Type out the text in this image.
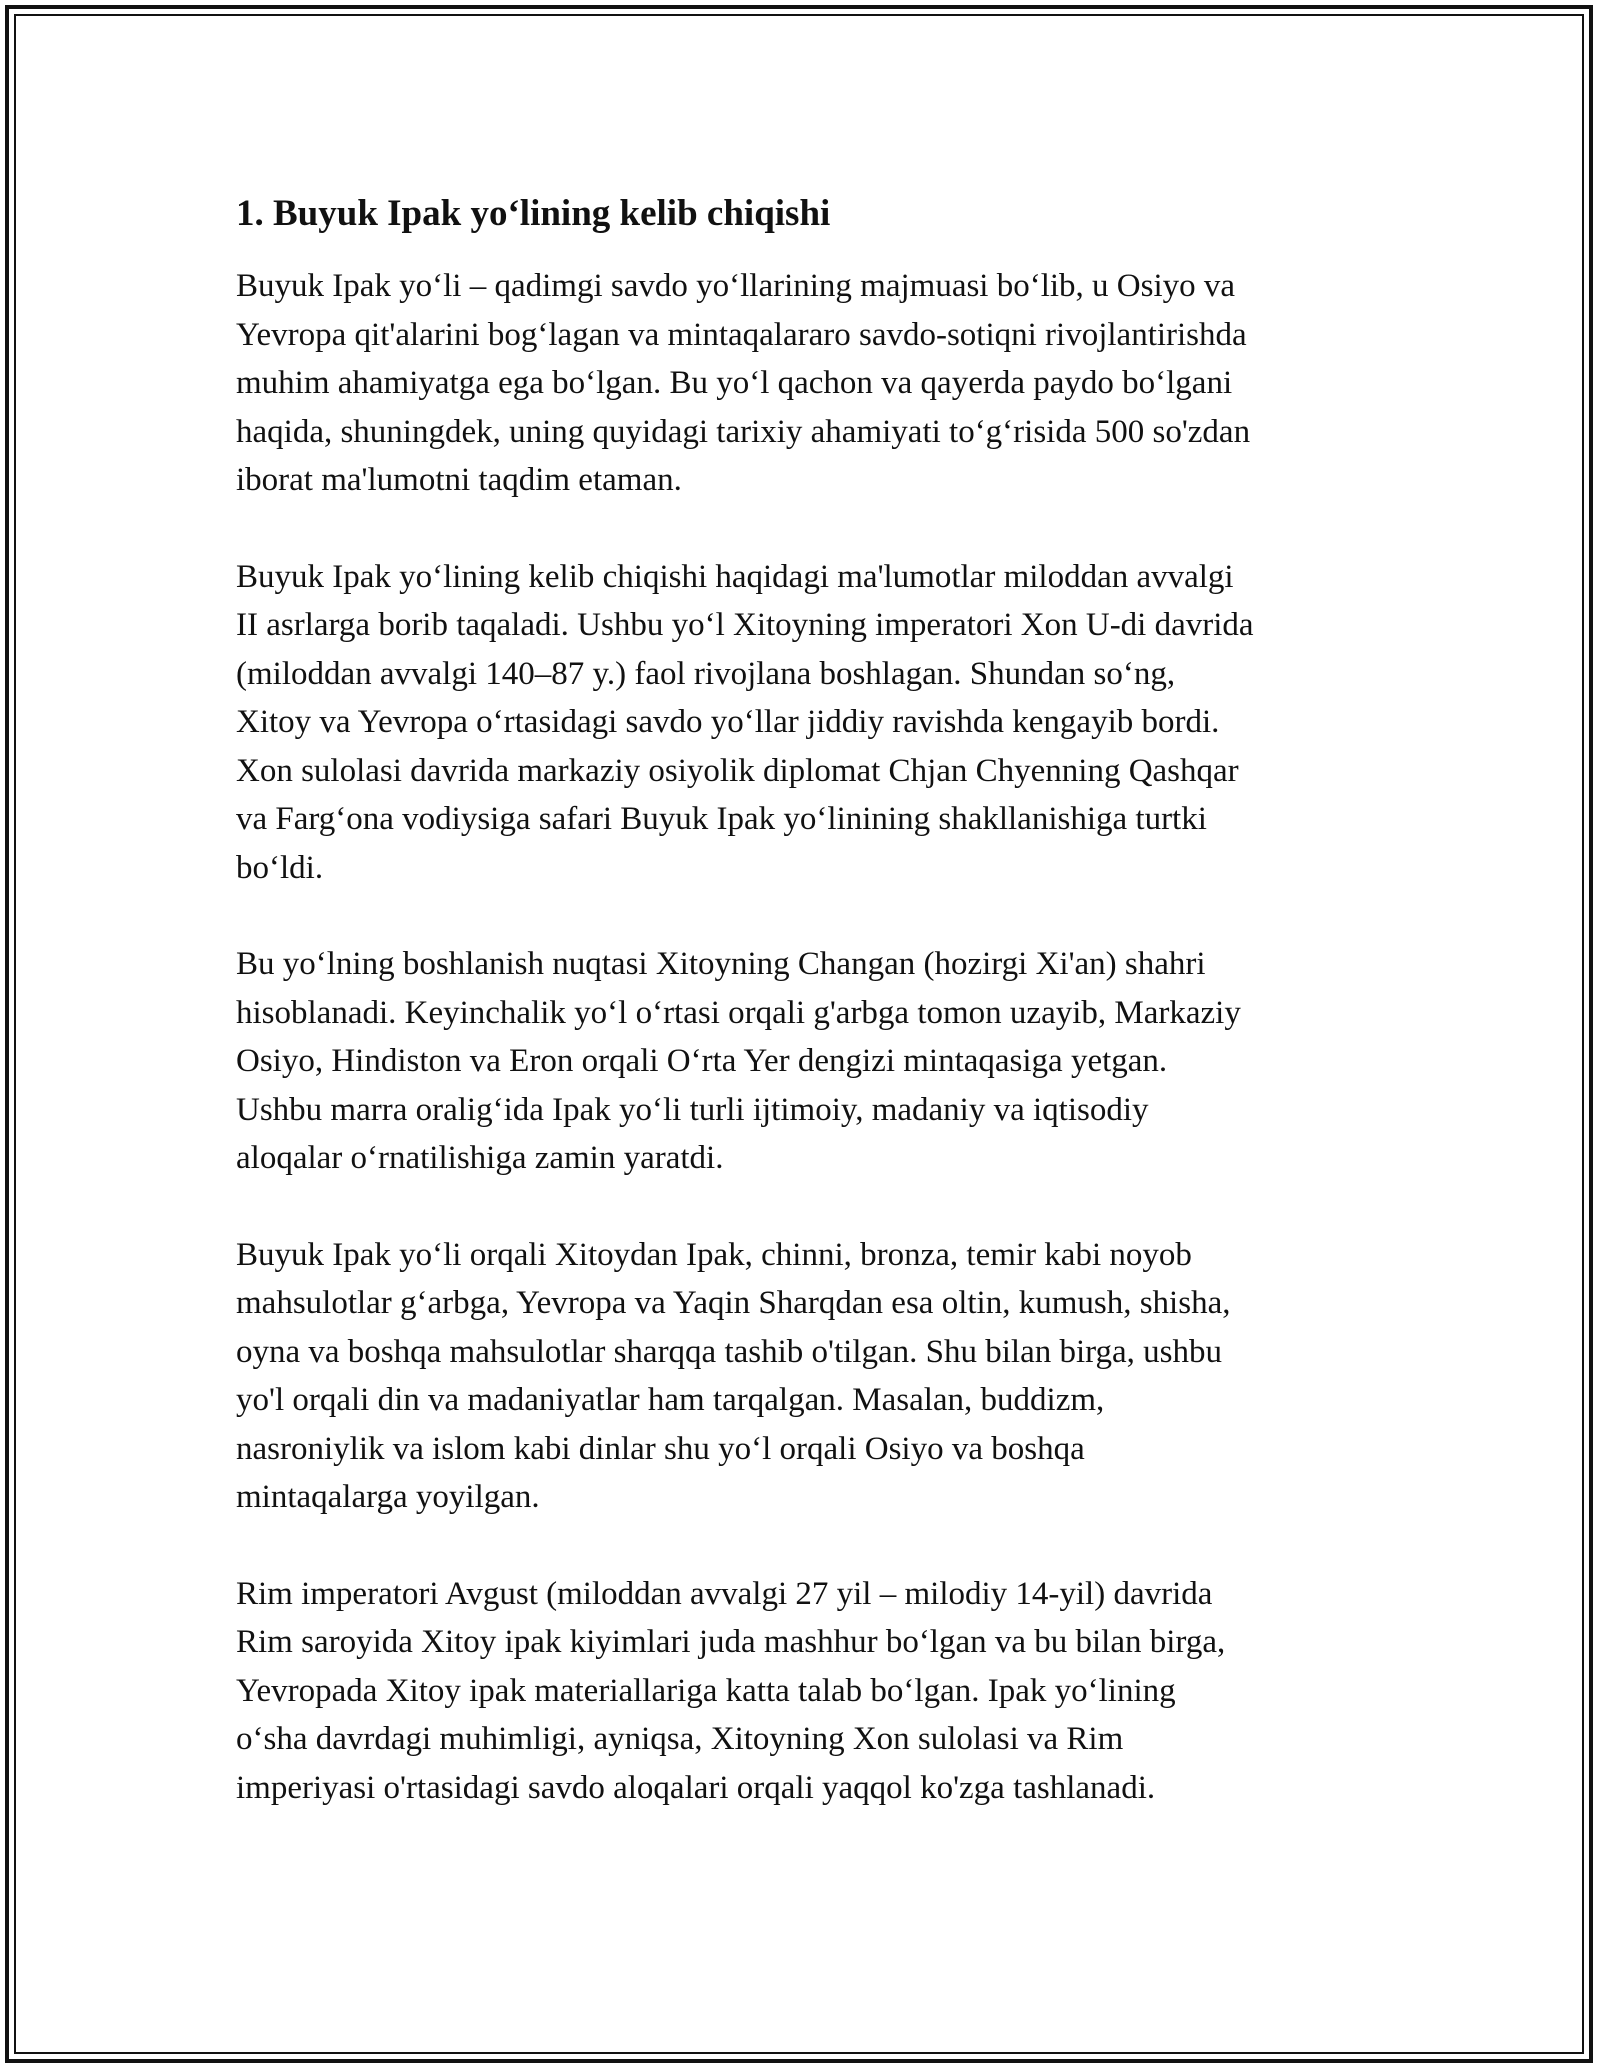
1. Buyuk Ipak yo‘lining kelib chiqishi

Buyuk Ipak yo‘li – qadimgi savdo yo‘llarining majmuasi bo‘lib, u Osiyo va
Yevropa qit'alarini bog‘lagan va mintaqalararo savdo-sotiqni rivojlantirishda
muhim ahamiyatga ega bo‘lgan. Bu yo‘l qachon va qayerda paydo bo‘lgani
haqida, shuningdek, uning quyidagi tarixiy ahamiyati to‘g‘risida 500 so'zdan
iborat ma'lumotni taqdim etaman.

Buyuk Ipak yo‘lining kelib chiqishi haqidagi ma'lumotlar miloddan avvalgi
II asrlarga borib taqaladi. Ushbu yo‘l Xitoyning imperatori Xon U-di davrida
(miloddan avvalgi 140–87 y.) faol rivojlana boshlagan. Shundan so‘ng,
Xitoy va Yevropa o‘rtasidagi savdo yo‘llar jiddiy ravishda kengayib bordi.
Xon sulolasi davrida markaziy osiyolik diplomat Chjan Chyenning Qashqar
va Farg‘ona vodiysiga safari Buyuk Ipak yo‘linining shakllanishiga turtki
bo‘ldi.

Bu yo‘lning boshlanish nuqtasi Xitoyning Changan (hozirgi Xi'an) shahri
hisoblanadi. Keyinchalik yo‘l o‘rtasi orqali g'arbga tomon uzayib, Markaziy
Osiyo, Hindiston va Eron orqali O‘rta Yer dengizi mintaqasiga yetgan.
Ushbu marra oralig‘ida Ipak yo‘li turli ijtimoiy, madaniy va iqtisodiy
aloqalar o‘rnatilishiga zamin yaratdi.

Buyuk Ipak yo‘li orqali Xitoydan Ipak, chinni, bronza, temir kabi noyob
mahsulotlar g‘arbga, Yevropa va Yaqin Sharqdan esa oltin, kumush, shisha,
oyna va boshqa mahsulotlar sharqqa tashib o'tilgan. Shu bilan birga, ushbu
yo'l orqali din va madaniyatlar ham tarqalgan. Masalan, buddizm,
nasroniylik va islom kabi dinlar shu yo‘l orqali Osiyo va boshqa
mintaqalarga yoyilgan.

Rim imperatori Avgust (miloddan avvalgi 27 yil – milodiy 14-yil) davrida
Rim saroyida Xitoy ipak kiyimlari juda mashhur bo‘lgan va bu bilan birga,
Yevropada Xitoy ipak materiallariga katta talab bo‘lgan. Ipak yo‘lining
o‘sha davrdagi muhimligi, ayniqsa, Xitoyning Xon sulolasi va Rim
imperiyasi o'rtasidagi savdo aloqalari orqali yaqqol ko'zga tashlanadi.
